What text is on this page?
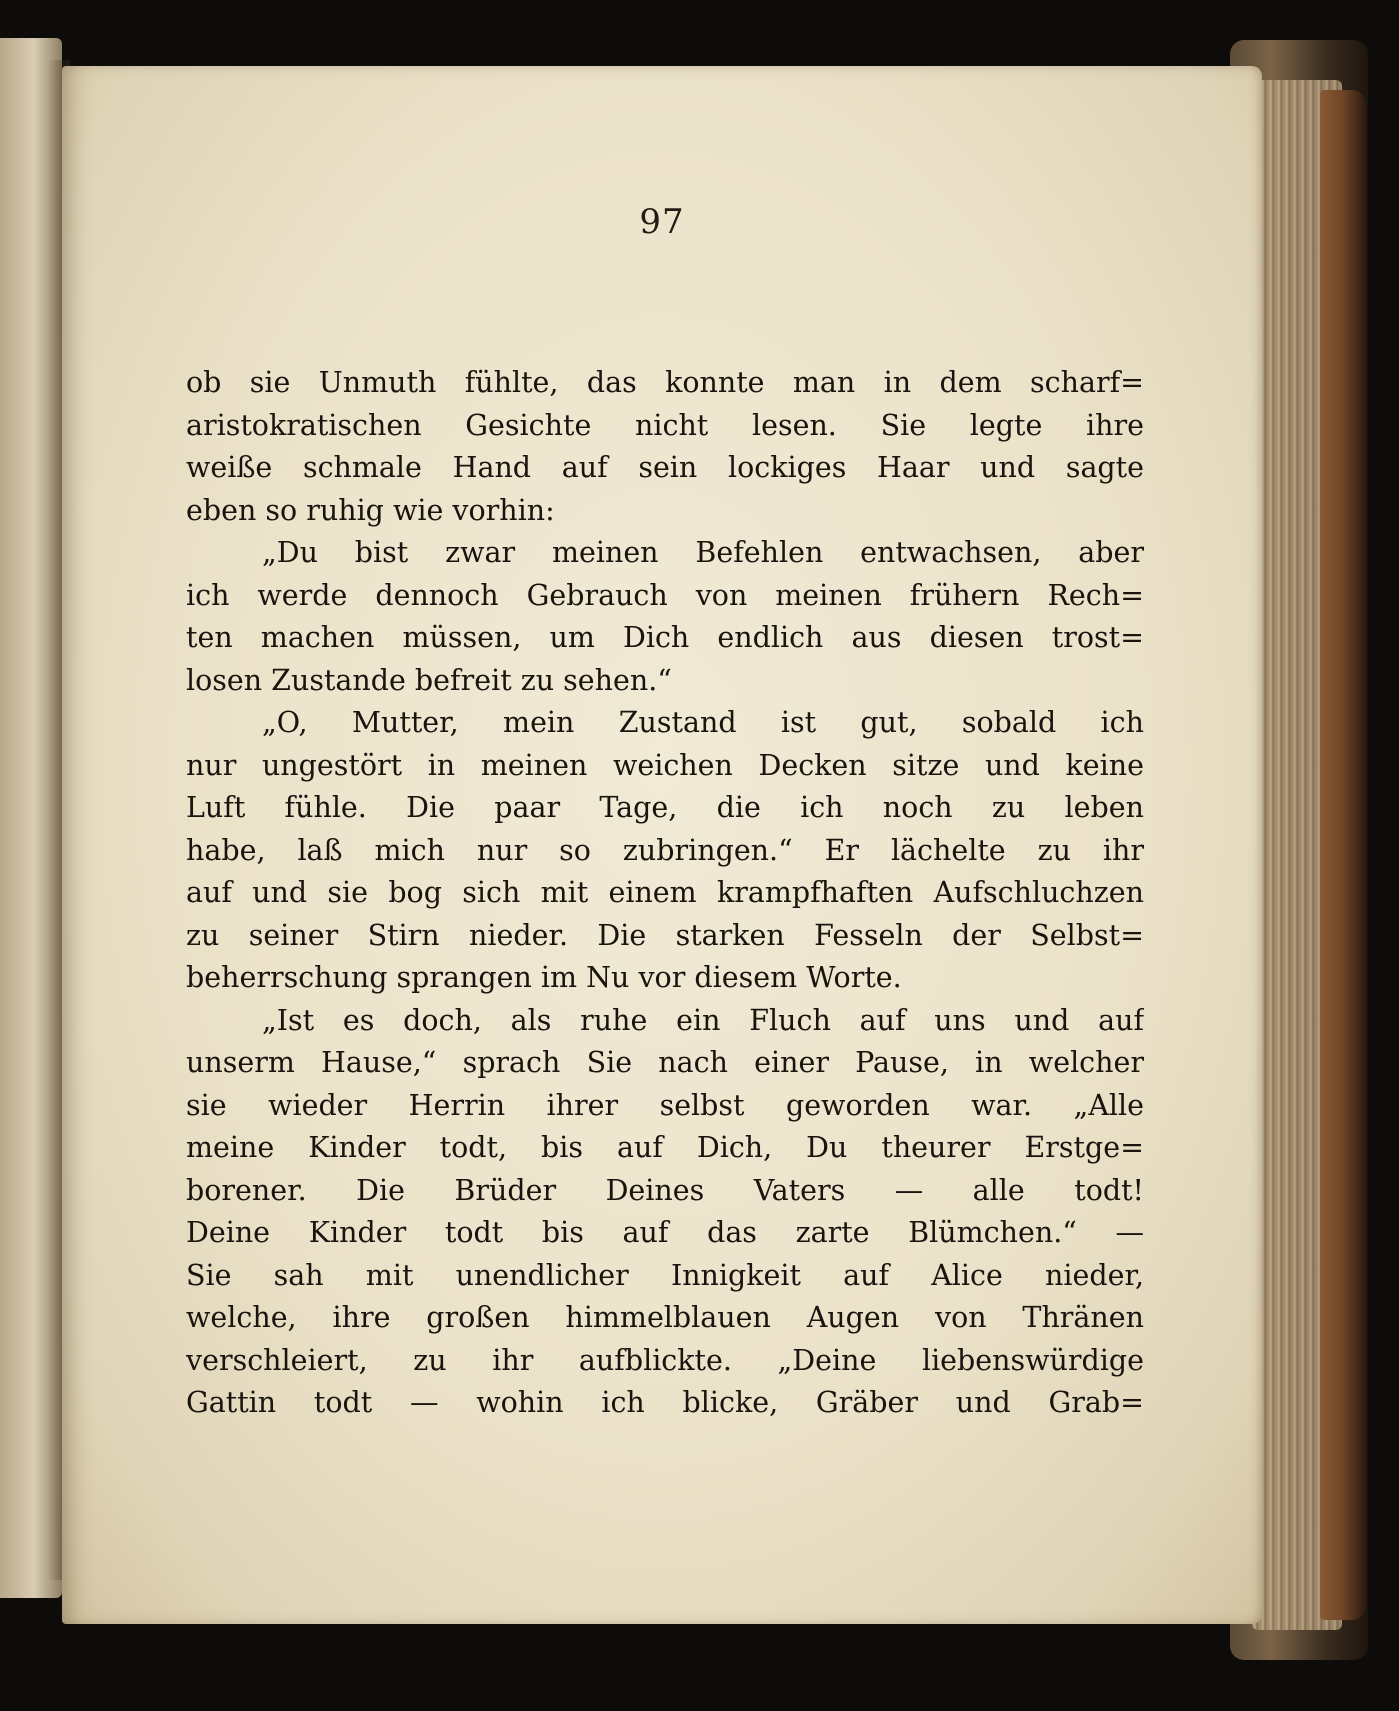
97
ob sie Unmuth fühlte, das konnte man in dem scharf=
aristokratischen Gesichte nicht lesen. Sie legte ihre
weiße schmale Hand auf sein lockiges Haar und sagte
eben so ruhig wie vorhin:
„Du bist zwar meinen Befehlen entwachsen, aber
ich werde dennoch Gebrauch von meinen frühern Rech=
ten machen müssen, um Dich endlich aus diesen trost=
losen Zustande befreit zu sehen.“
„O, Mutter, mein Zustand ist gut, sobald ich
nur ungestört in meinen weichen Decken sitze und keine
Luft fühle. Die paar Tage, die ich noch zu leben
habe, laß mich nur so zubringen.“ Er lächelte zu ihr
auf und sie bog sich mit einem krampfhaften Aufschluchzen
zu seiner Stirn nieder. Die starken Fesseln der Selbst=
beherrschung sprangen im Nu vor diesem Worte.
„Ist es doch, als ruhe ein Fluch auf uns und auf
unserm Hause,“ sprach Sie nach einer Pause, in welcher
sie wieder Herrin ihrer selbst geworden war. „Alle
meine Kinder todt, bis auf Dich, Du theurer Erstge=
borener. Die Brüder Deines Vaters — alle todt!
Deine Kinder todt bis auf das zarte Blümchen.“ —
Sie sah mit unendlicher Innigkeit auf Alice nieder,
welche, ihre großen himmelblauen Augen von Thränen
verschleiert, zu ihr aufblickte. „Deine liebenswürdige
Gattin todt — wohin ich blicke, Gräber und Grab=
